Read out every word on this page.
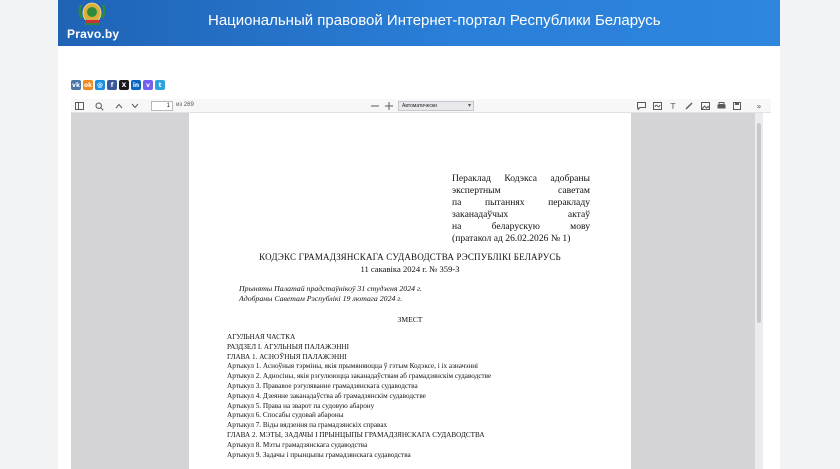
Pravo.by
Национальный правовой Интернет-портал Республики Беларусь
vk ok @	f	X	in	v	t
1	из 269	Автоматически	▾	T	»
Пераклад Кодэкса адобраны
экспертным саветам
па пытаннях перакладу
заканадаўчых актаў
на беларускую мову
(пратакол ад 26.02.2026 № 1)
КОДЭКС ГРАМАДЗЯНСКАГА СУДАВОДСТВА РЭСПУБЛІКІ БЕЛАРУСЬ
11 сакавіка 2024 г. № 359-З
Прыняты Палатай прадстаўнікоў 31 студзеня 2024 г.
Адобраны Саветам Рэспублікі 19 лютага 2024 г.
ЗМЕСТ
АГУЛЬНАЯ ЧАСТКА
РАЗДЗЕЛ I. АГУЛЬНЫЯ ПАЛАЖЭННІ
ГЛАВА 1. АСНОЎНЫЯ ПАЛАЖЭННІ
Артыкул 1. Асноўныя тэрміны, якія прымяняюцца ў гэтым Кодэксе, і іх азначэнні
Артыкул 2. Адносіны, якія рэгулююцца заканадаўствам аб грамадзянскім судаводстве
Артыкул 3. Прававое рэгуляванне грамадзянскага судаводства
Артыкул 4. Дзеянне заканадаўства аб грамадзянскім судаводстве
Артыкул 5. Права на зварот па судовую абарону
Артыкул 6. Спосабы судовай абароны
Артыкул 7. Віды вядзення па грамадзянскіх справах
ГЛАВА 2. МЭТЫ, ЗАДАЧЫ І ПРЫНЦЫПЫ ГРАМАДЗЯНСКАГА СУДАВОДСТВА
Артыкул 8. Мэты грамадзянскага судаводства
Артыкул 9. Задачы і прынцыпы грамадзянскага судаводства
